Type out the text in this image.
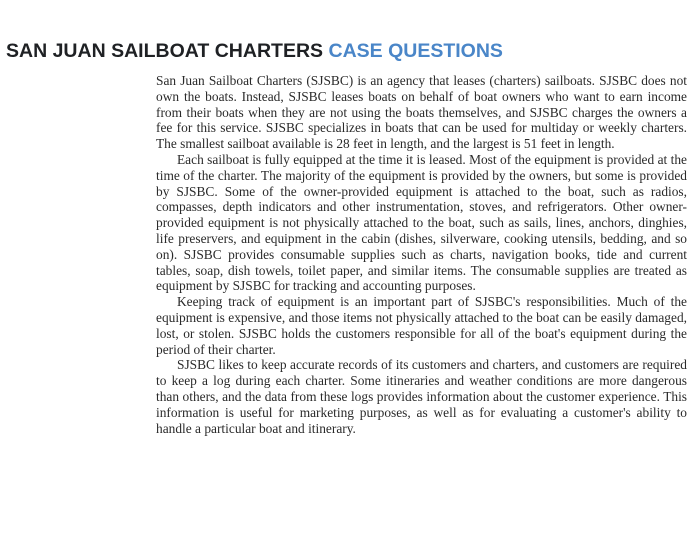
SAN JUAN SAILBOAT CHARTERS CASE QUESTIONS

San Juan Sailboat Charters (SJSBC) is an agency that leases (charters) sailboats. SJSBC does not own the boats. Instead, SJSBC leases boats on behalf of boat owners who want to earn income from their boats when they are not using the boats themselves, and SJSBC charges the owners a fee for this service. SJSBC specializes in boats that can be used for multiday or weekly charters. The smallest sailboat available is 28 feet in length, and the largest is 51 feet in length.

Each sailboat is fully equipped at the time it is leased. Most of the equipment is provided at the time of the charter. The majority of the equipment is provided by the owners, but some is provided by SJSBC. Some of the owner-provided equipment is attached to the boat, such as radios, compasses, depth indicators and other instrumentation, stoves, and refrigerators. Other owner-provided equipment is not physically attached to the boat, such as sails, lines, anchors, dinghies, life preservers, and equipment in the cabin (dishes, silverware, cooking utensils, bedding, and so on). SJSBC provides consumable supplies such as charts, navigation books, tide and current tables, soap, dish towels, toilet paper, and similar items. The consumable supplies are treated as equipment by SJSBC for tracking and accounting purposes.

Keeping track of equipment is an important part of SJSBC's responsibilities. Much of the equipment is expensive, and those items not physically attached to the boat can be easily damaged, lost, or stolen. SJSBC holds the customers responsible for all of the boat's equipment during the period of their charter.

SJSBC likes to keep accurate records of its customers and charters, and customers are required to keep a log during each charter. Some itineraries and weather conditions are more dangerous than others, and the data from these logs provides information about the customer experience. This information is useful for marketing purposes, as well as for evaluating a customer's ability to handle a particular boat and itinerary.
